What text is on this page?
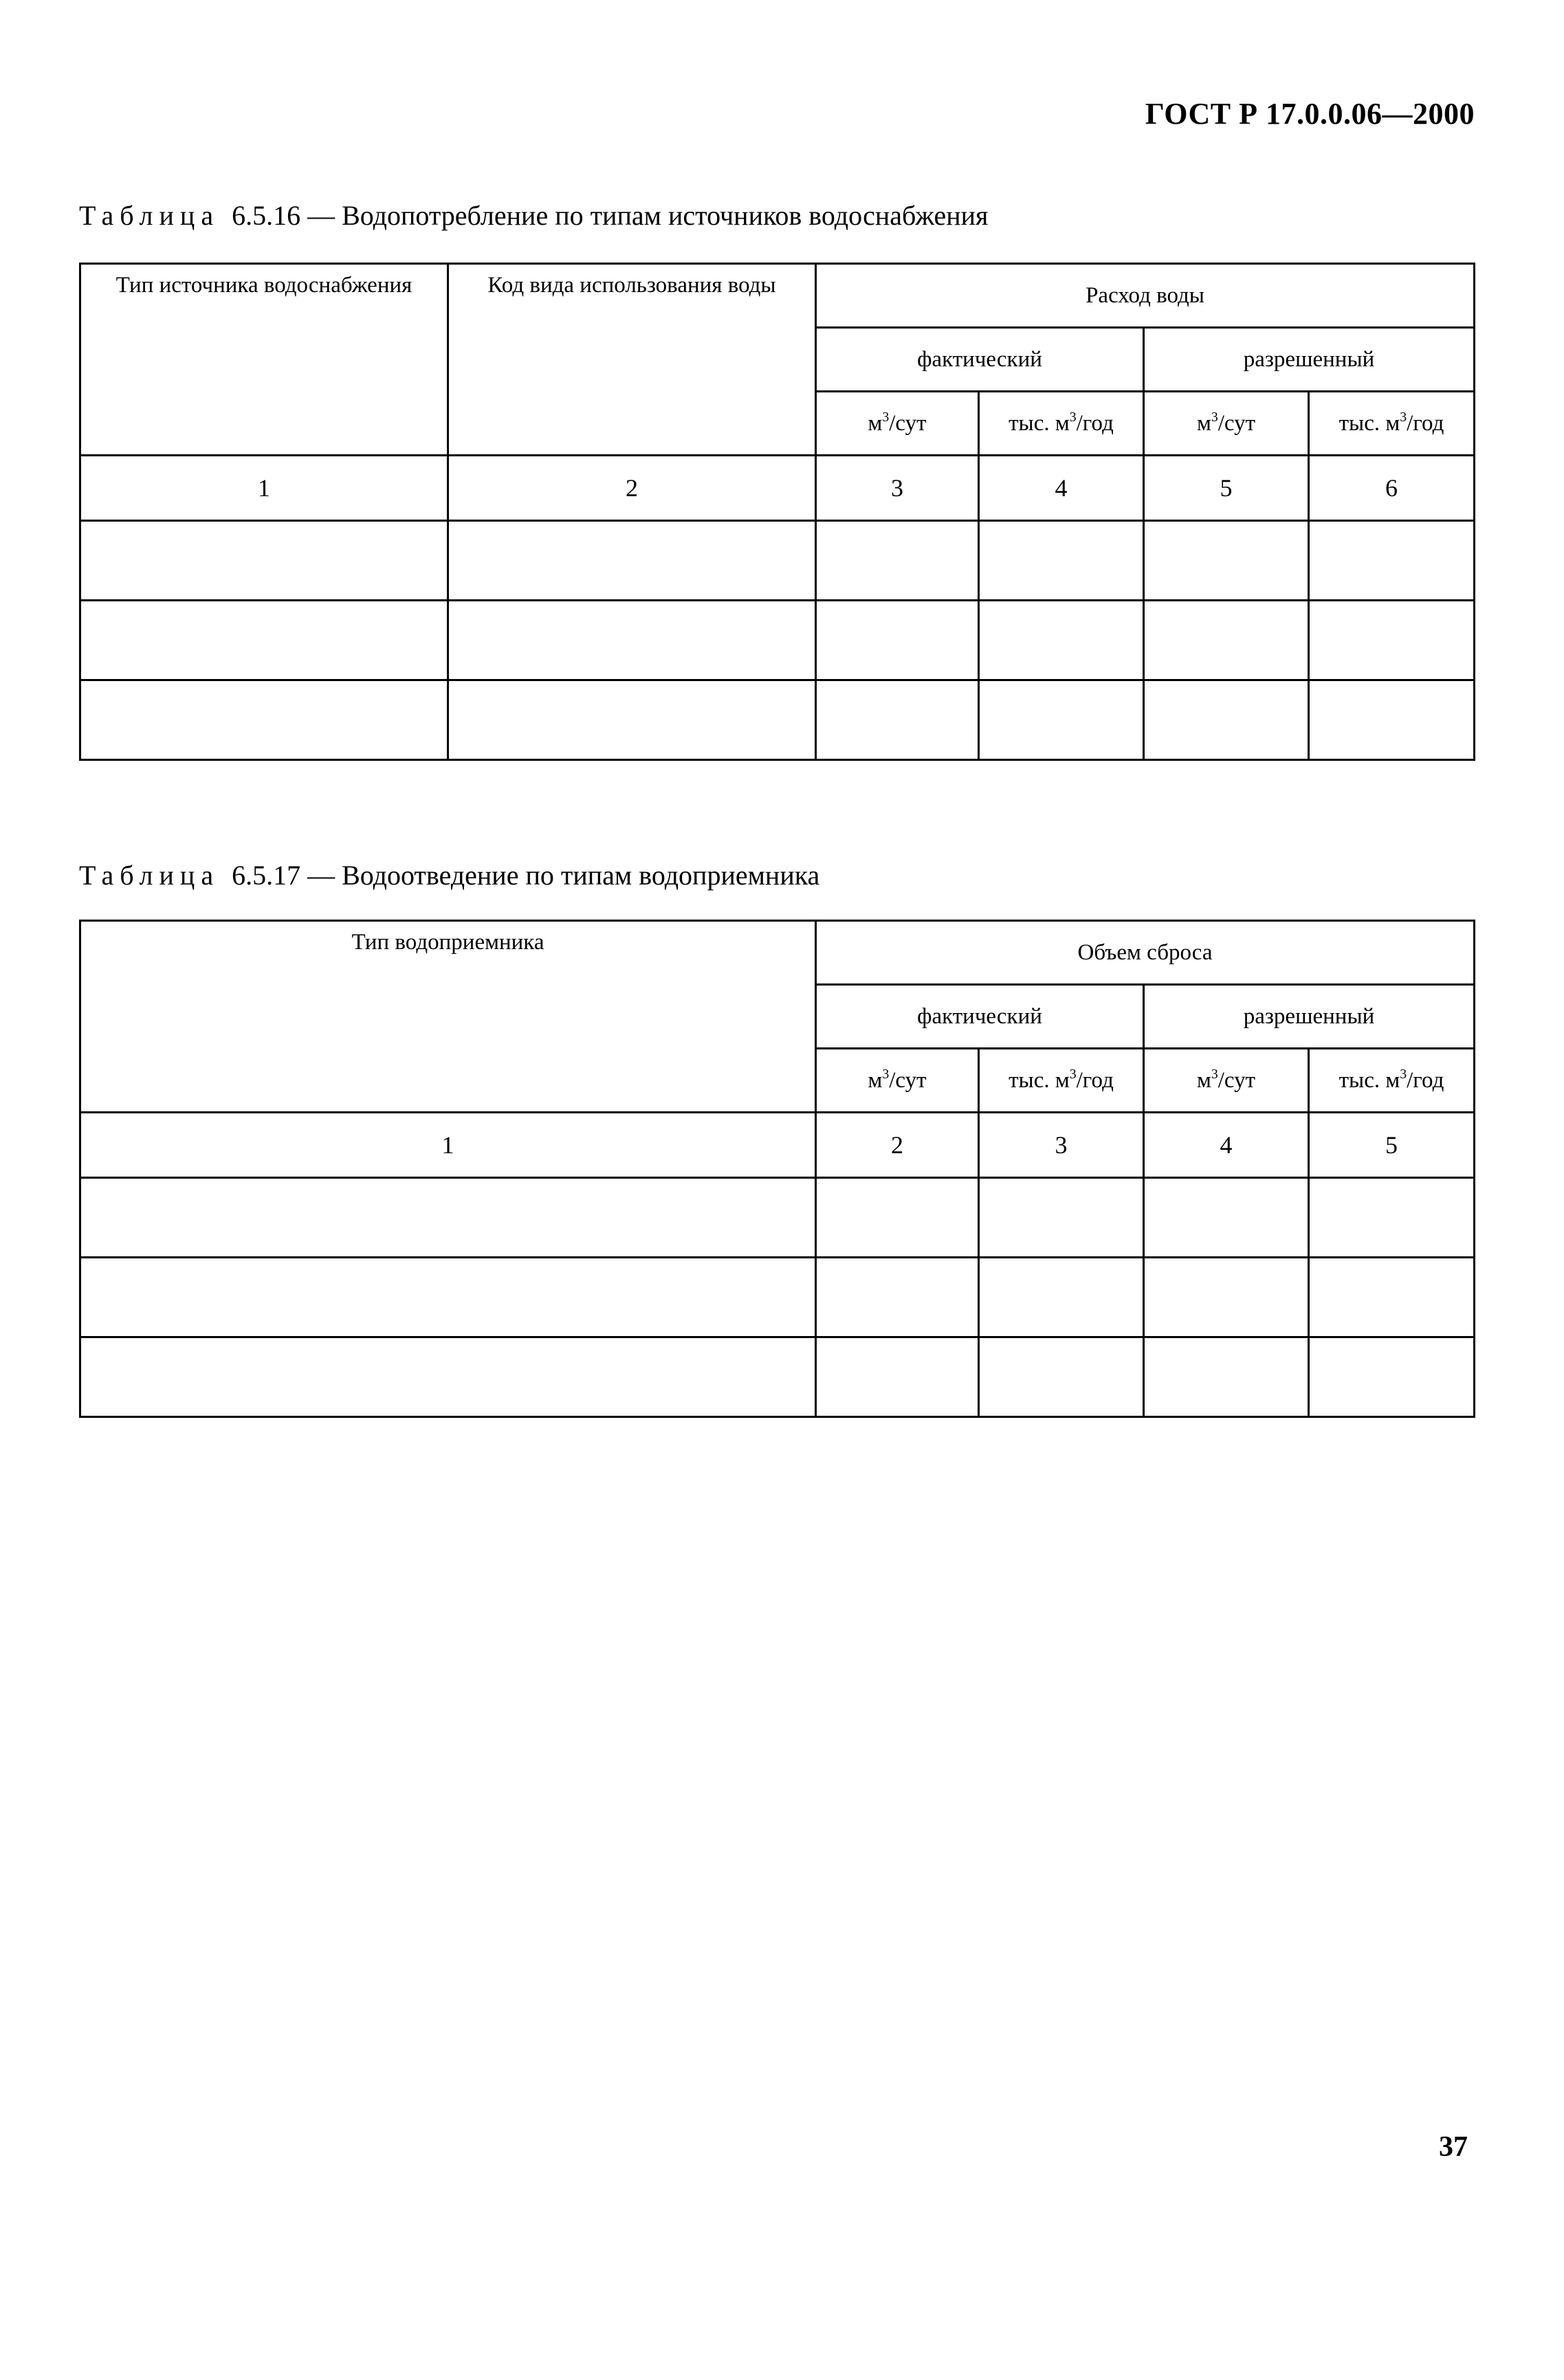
ГОСТ Р 17.0.0.06—2000
Таблица 6.5.16 — Водопотребление по типам источников водоснабжения
Тип источника водоснабжения	Код вида использования воды	Расход воды			
		фактический		разрешенный	
		$м^3$/сут	тыс. $м^3$/год	$м^3$/сут	тыс. $м^3$/год
1	2	3	4	5	6

Таблица 6.5.17 — Водоотведение по типам водоприемника
Тип водоприемника	Объем сброса			
	фактический		разрешенный	
	$м^3$/сут	тыс. $м^3$/год	$м^3$/сут	тыс. $м^3$/год
1	2	3	4	5

37
